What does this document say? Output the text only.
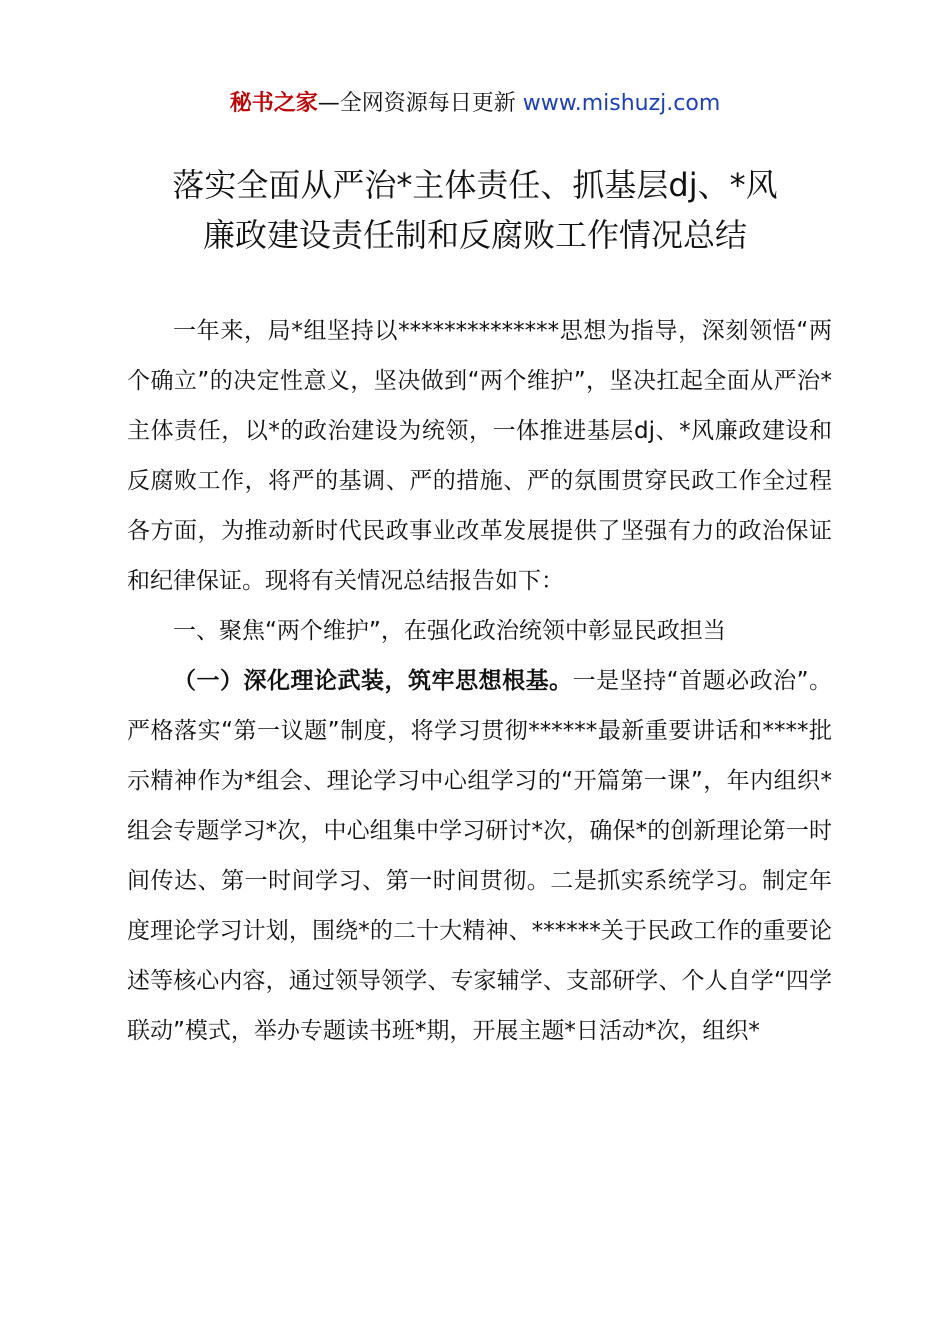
秘书之家—全网资源每日更新 www.mishuzj.com
落实全面从严治*主体责任、抓基层dj、*风
廉政建设责任制和反腐败工作情况总结

一年来，局*组坚持以**************思想为指导，深刻领悟“两个确立”的决定性意义，坚决做到“两个维护”，坚决扛起全面从严治*主体责任，以*的政治建设为统领，一体推进基层dj、*风廉政建设和反腐败工作，将严的基调、严的措施、严的氛围贯穿民政工作全过程各方面，为推动新时代民政事业改革发展提供了坚强有力的政治保证和纪律保证。现将有关情况总结报告如下：

一、聚焦“两个维护”，在强化政治统领中彰显民政担当

（一）深化理论武装，筑牢思想根基。一是坚持“首题必政治”。严格落实“第一议题”制度，将学习贯彻******最新重要讲话和****批示精神作为*组会、理论学习中心组学习的“开篇第一课”，年内组织*组会专题学习*次，中心组集中学习研讨*次，确保*的创新理论第一时间传达、第一时间学习、第一时间贯彻。二是抓实系统学习。制定年度理论学习计划，围绕*的二十大精神、******关于民政工作的重要论述等核心内容，通过领导领学、专家辅学、支部研学、个人自学“四学联动”模式，举办专题读书班*期，开展主题*日活动*次，组织*
